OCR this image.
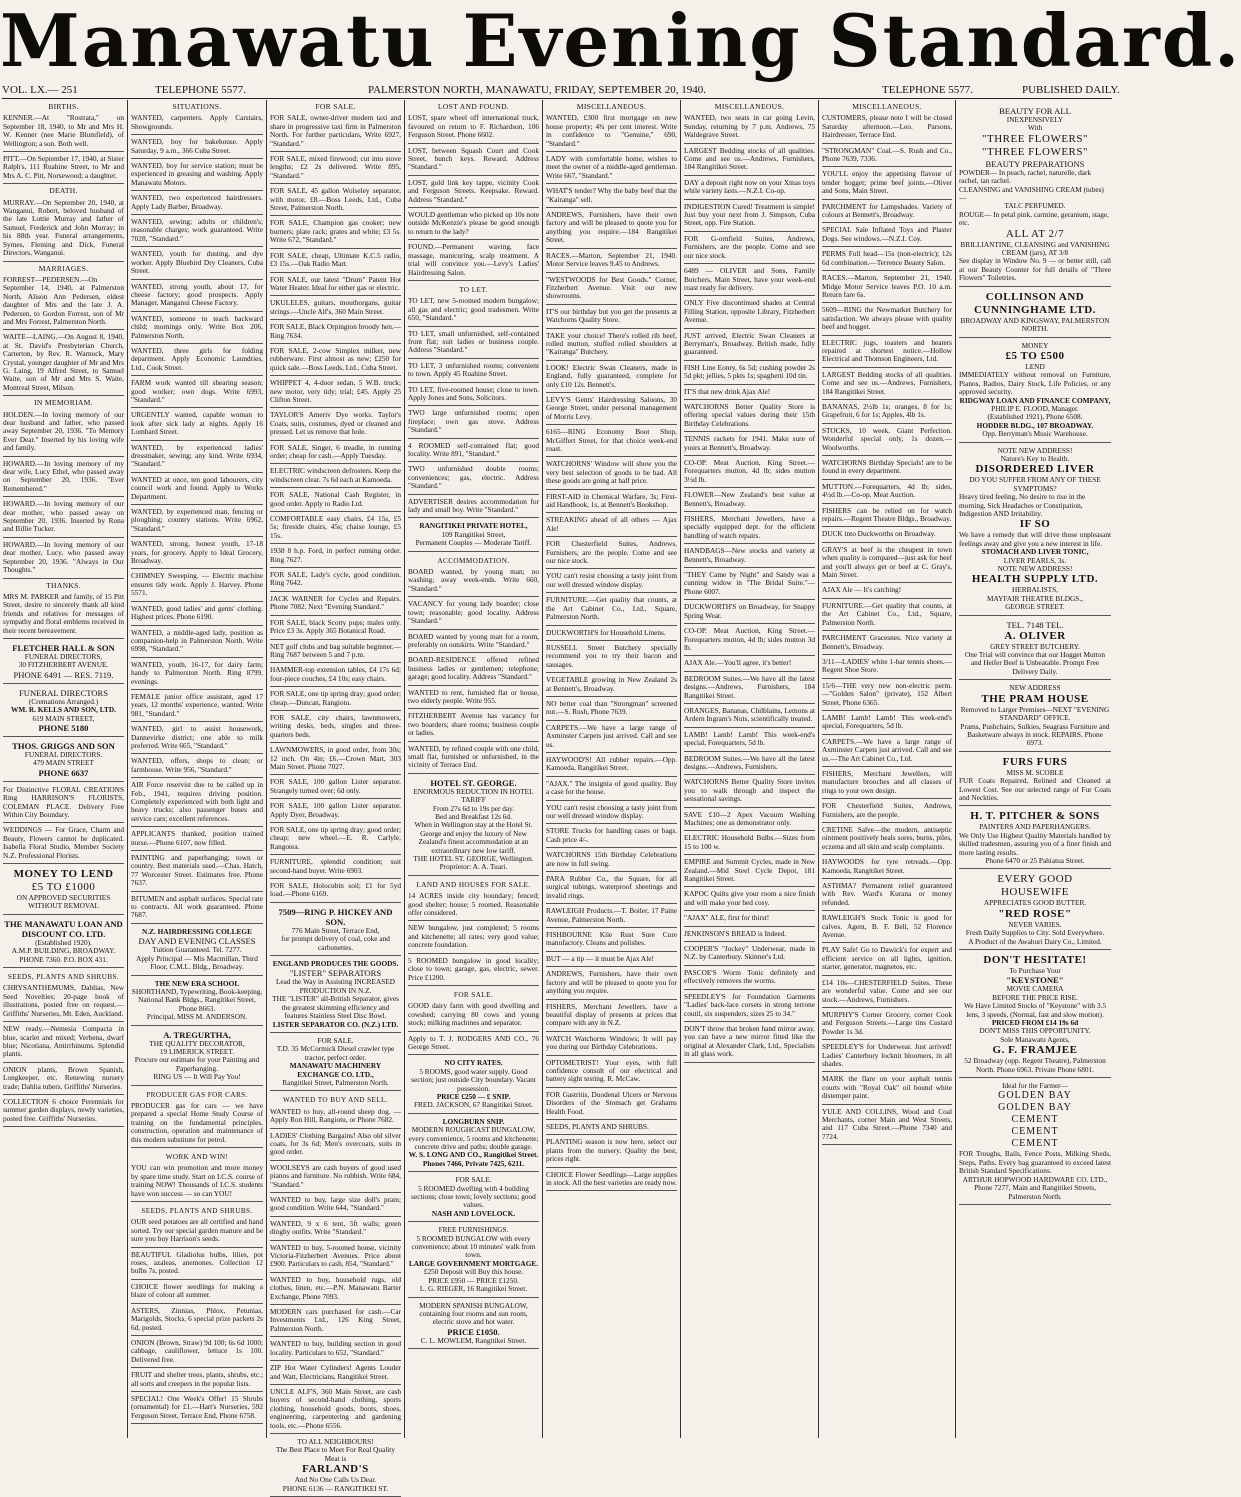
Manawatu Evening Standard.
VOL. LX.— 251	TELEPHONE 5577.	PALMERSTON NORTH, MANAWATU, FRIDAY, SEPTEMBER 20, 1940.	TELEPHONE 5577.	PUBLISHED DAILY.
BIRTHS.
KENNER.—At "Rostrata," on September 18, 1940, to Mr and Mrs H. W. Kenner (nee Marie Blumfield), of Wellington; a son. Both well.
PITT.—On September 17, 1940, at Sister Ralph's, 111 Ruahine Street, to Mr and Mrs A. C. Pitt, Norsewood; a daughter.
DEATH.
MURRAY.—On September 20, 1940, at Wanganui, Robert, beloved husband of the late Lottie Murray and father of Samuel, Frederick and John Murray; in his 88th year. Funeral arrangements, Symes, Fleming and Dick, Funeral Directors, Wanganui.
MARRIAGES.
FORREST—PEDERSEN.—On September 14, 1940, at Palmerston North, Alison Ann Pedersen, eldest daughter of Mrs and the late J. A. Pedersen, to Gordon Forrest, son of Mr and Mrs Forrest, Palmerston North.
WAITE—LAING.—On August 8, 1940, at St. David's Presbyterian Church, Carterton, by Rev. R. Warnock, Mary Crystal, younger daughter of Mr and Mrs G. Laing, 19 Alfred Street, to Samuel Waite, son of Mr and Mrs S. Waite, Montreal Street, Milson.
IN MEMORIAM.
HOLDEN.—In loving memory of our dear husband and father, who passed away September 20, 1936. "To Memory Ever Dear." Inserted by his loving wife and family.
HOWARD.—In loving memory of my dear wife, Lucy Ethel, who passed away on September 20, 1936. "Ever Remembered."
HOWARD.—In loving memory of our dear mother, who passed away on September 20, 1936. Inserted by Rona and Billie Tucker.
HOWARD.—In loving memory of our dear mother, Lucy, who passed away September 20, 1936. "Always in Our Thoughts."
THANKS.
MRS M. PARKER and family, of 15 Pitt Street, desire to sincerely thank all kind friends and relatives for messages of sympathy and floral emblems received in their recent bereavement.
FLETCHER HALL & SON
FUNERAL DIRECTORS,
30 FITZHERBERT AVENUE.
PHONE 6491 — RES. 7119.
FUNERAL DIRECTORS
(Cremations Arranged.)
WM. R. KELLS AND SON, LTD.
619 MAIN STREET,
PHONE 5180
THOS. GRIGGS AND SON
FUNERAL DIRECTORS.
479 MAIN STREET
PHONE 6637
For Distinctive FLORAL CREATIONS Ring HARRISON'S FLORISTS, COLEMAN PLACE. Delivery Free Within City Boundary.
WEDDINGS — For Grace, Charm and Beauty, Flowers cannot be duplicated. Isabella Floral Studio, Member Society N.Z. Professional Florists.
MONEY TO LEND
£5 TO £1000
ON APPROVED SECURITIES WITHOUT REMOVAL
THE MANAWATU LOAN AND DISCOUNT CO. LTD.
(Established 1920).
A.M.P. BUILDING, BROADWAY.
PHONE 7360. P.O. BOX 431.
SEEDS, PLANTS AND SHRUBS.
CHRYSANTHEMUMS, Dahlias, New Seed Novelties; 20-page book of illustrations, posted free on request.—Griffiths' Nurseries, Mt. Eden, Auckland.
NEW ready.—Nemesia Compacta in blue, scarlet and mixed; Verbena, dwarf blue; Nicotiana, Antirrhinums. Splendid plants.
ONION plants, Brown Spanish, Longkeeper, etc. Renewing nursery trade; Dahlia tubers. Griffiths' Nurseries.
COLLECTION 6 choice Perennials for summer garden displays, newly varieties, posted free. Griffiths' Nurseries.
SITUATIONS.
WANTED, carpenters. Apply Carstairs, Showgrounds.
WANTED, boy for bakehouse. Apply Saturday, 9 a.m., 366 Cuba Street.
WANTED, boy for service station; must be experienced in greasing and washing. Apply Manawatu Motors.
WANTED, two experienced hairdressers. Apply Lady Barber, Broadway.
WANTED, sewing; adults or children's; reasonable charges; work guaranteed. Write 7028, "Standard."
WANTED, youth for dusting, and dye worker. Apply Bluebird Dry Cleaners, Cuba Street.
WANTED, strong youth, about 17, for cheese factory; good prospects. Apply Manager, Manganui Cheese Factory.
WANTED, someone to teach backward child; mornings only. Write Box 206, Palmerston North.
WANTED, three girls for folding department. Apply Economic Laundries, Ltd., Cook Street.
FARM work wanted till shearing season; good worker; own dogs. Write 6993, "Standard."
URGENTLY wanted, capable woman to look after sick lady at nights. Apply 16 Lombard Street.
WANTED, by experienced ladies' dressmaker, sewing; any kind. Write 6934, "Standard."
WANTED at once, ten good labourers, city council work and found. Apply to Works Department.
WANTED, by experienced man, fencing or ploughing; country stations. Write 6962, "Standard."
WANTED, strong, honest youth, 17-18 years, for grocery. Apply to Ideal Grocery, Broadway.
CHIMNEY Sweeping. — Electric machine ensures tidy work. Apply J. Harvey. Phone 5571.
WANTED, good ladies' and gents' clothing. Highest prices. Phone 6190.
WANTED, a middle-aged lady, position as companion-help in Palmerston North. Write 6998, "Standard."
WANTED, youth, 16-17, for dairy farm; handy to Palmerston North. Ring 8799, evenings.
FEMALE junior office assistant, aged 17 years, 12 months' experience, wanted. Write 981, "Standard."
WANTED, girl to assist housework, Dannevirke district; one able to milk preferred. Write 665, "Standard."
WANTED, offers, shops to clean; or farmhouse. Write 956, "Standard."
AIR Force reservist due to be called up in Feb., 1941, requires driving position. Completely experienced with both light and heavy trucks; also passenger buses and service cars; excellent references.
APPLICANTS thanked, position trained nurse.—Phone 6107, now filled.
PAINTING and paperhanging; town or country. Best materials used.—Chas. Hatch, 77 Worcester Street. Estimates free. Phone 7637.
BITUMEN and asphalt surfaces. Special rate to contracts. All work guaranteed. Phone 7687.
N.Z. HAIRDRESSING COLLEGE
DAY AND EVENING CLASSES
Tuition Guaranteed. Tel. 7277.
Apply Principal — Mis Macmillan, Third Floor, C.M.L. Bldg., Broadway.
THE NEW ERA SCHOOL
SHORTHAND, Typewriting, Book-keeping, National Bank Bldgs., Rangitikei Street, Phone 8663.
Principal, MISS M. ANDERSON.
A. TREGURTHA,
THE QUALITY DECORATOR,
19 LIMERICK STREET.
Procure our estimate for your Painting and Paperhanging.
RING US — It Will Pay You!
PRODUCER GAS FOR CARS.
PRODUCER gas for cars — we have prepared a special Home Study Course of training on the fundamental principles, construction, operation and maintenance of this modern substitute for petrol.
WORK AND WIN!
YOU can win promotion and more money by spare time study. Start on I.C.S. course of training NOW! Thousands of I.C.S. students have won success — so can YOU!
SEEDS, PLANTS AND SHRUBS.
OUR seed potatoes are all certified and hand sorted. Try our special garden manure and be sure you buy Harrison's seeds.
BEAUTIFUL Gladiolus bulbs, lilies, pot roses, azaleas, anemones. Collection 12 bulbs 7s, posted.
CHOICE flower seedlings for making a blaze of colour all summer.
ASTERS, Zinnias, Phlox, Petunias, Marigolds, Stocks, 6 special prize packets 2s 6d, posted.
ONION (Brown, Straw) 9d 100; 6s 6d 1000; cabbage, cauliflower, lettuce 1s 100. Delivered free.
FRUIT and shelter trees, plants, shrubs, etc.; all sorts and creepers in the popular lists.
SPECIAL! One Week's Offer! 15 Shrubs (ornamental) for £1.—Hart's Nurseries, 592 Ferguson Street, Terrace End, Phone 6758.
FOR SALE.
FOR SALE, owner-driver modern taxi and share in progressive taxi firm in Palmerston North. For further particulars, Write 6927, "Standard."
FOR SALE, mixed firewood; cut into stove lengths; £2 2s delivered. Write 895, "Standard."
FOR SALE, 45 gallon Wolseley separator, with motor, £8.—Boss Leeds, Ltd., Cuba Street, Palmerston North.
FOR SALE, Champion gas cooker; new burners; plate rack; grates and white; £3 5s. Write 672, "Standard."
FOR SALE, cheap, Ultimate K.C.5 radio, £3 15s.—Oak Radio Mart.
FOR SALE, our latest "Drum" Patent Hot Water Heater. Ideal for either gas or electric.
UKULELES, guitars, mouthorgans, guitar strings.—Uncle Alf's, 360 Main Street.
FOR SALE, Black Orpington broody hen.—Ring 7634.
FOR SALE, 2-cow Simplex milker, new rubberware. First almost as new; £250 for quick sale.—Boss Leeds, Ltd., Cuba Street.
WHIPPET 4, 4-door sedan, 5 W.B. truck; new motor, very tidy; trial; £45. Apply 25 Clifton Street.
TAYLOR'S Ameriv Dye works. Taylor's Coats, suits, costumes, dyed or cleaned and pressed. Let us remove that hole.
FOR SALE, Singer, 6 treadle, in running order; cheap for cash.—Apply Tuesday.
ELECTRIC windscreen defrosters. Keep the windscreen clear. 7s 6d each at Kamoeda.
FOR SALE, National Cash Register, in good order. Apply to Radio Ltd.
COMFORTABLE easy chairs, £4 15s, £5 5s; fireside chairs, 45s; chaise lounge, £5 15s.
1938 8 h.p. Ford, in perfect running order. Ring 7627.
FOR SALE, Lady's cycle, good condition. Ring 7642.
JACK WARNER for Cycles and Repairs. Phone 7082. Next "Evening Standard."
FOR SALE, black Scotty pups; males only. Price £3 3s. Apply 365 Botanical Road.
NET golf clubs and bag suitable beginner.—Ring 7687 between 5 and 7 p.m.
HAMMER-top extension tables, £4 17s 6d; four-piece couches, £4 10s; easy chairs.
FOR SALE, one tip spring dray; good order; cheap.—Duncan, Rangiotu.
FOR SALE, city chairs, lawnmowers, writing desks, beds, singles and three-quarters beds.
LAWNMOWERS, in good order, from 30s; 12 inch. On 4in; £6.—Crown Mart, 303 Main Street. Phone 7027.
FOR SALE, 100 gallon Lister separator. Strangely turned over; 6d only.
FOR SALE, 100 gallon Lister separator. Apply Dyer, Broadway.
FOR SALE, one tip spring dray; good order; cheap; new wheel.—E. R. Carlyle, Rangotea.
FURNITURE, splendid condition; suit second-hand buyer. Write 6903.
FOR SALE, Holocubin soil; £1 for 5yd load.—Phone 6169.
7509—RING P. HICKEY AND SON.
776 Main Street, Terrace End,
for prompt delivery of coal, coke and carbonettes.
ENGLAND PRODUCES THE GOODS.
"LISTER" SEPARATORS
Lead the Way in Assisting INCREASED PRODUCTION IN N.Z.
THE "LISTER" all-British Separator, gives the greatest skimming efficiency and features Stainless Steel Disc Bowl.
LISTER SEPARATOR CO. (N.Z.) LTD.
FOR SALE.
T.D. 35 McCormick Diesel crawler type tractor, perfect order.
MANAWATU MACHINERY EXCHANGE CO. LTD.,
Rangitikei Street, Palmerston North.
WANTED TO BUY AND SELL.
WANTED to buy, all-round sheep dog. —Apply Ron Hill, Rangiotu, or Phone 7682.
LADIES' Clothing Bargains! Also old silver coats, for 3s 6d; Men's overcoats, suits in good order.
WOOLSEYS are cash buyers of good used pianos and furniture. No rubbish. Write 684, "Standard."
WANTED to buy, large size doll's pram; good condition. Write 644, "Standard."
WANTED, 9 x 6 tent, 5ft walls; green dinghy outfits. Write "Standard."
WANTED to buy, 5-roomed house, vicinity Victoria-Fitzherbert Avenues. Price about £900. Particulars to cash, 854, "Standard."
WANTED to buy, household rugs, old clothes, linen, etc.—P.N. Manawatu Barter Exchange, Phone 7093.
MODERN cars purchased for cash.—Car Investments Ltd., 126 King Street, Palmerston North.
WANTED to buy, building section in good locality. Particulars to 652, "Standard."
ZIP Hot Water Cylinders! Agents Louder and Watt, Electricians, Rangitikei Street.
UNCLE ALF'S, 360 Main Street, are cash buyers of second-hand clothing, sports clothing, household goods, boots, shoes, engineering, carpentering and gardening tools, etc.—Phone 6556.
TO ALL NEIGHBOURS!
The Best Place to Meet For Real Quality Meat is
FARLAND'S
And No One Calls Us Dear.
PHONE 6136 — RANGITIKEI ST.
LOST AND FOUND.
LOST, spare wheel off international truck, favoured on return to F. Richardson, 106 Ferguson Street. Phone 6602.
LOST, between Squash Court and Cook Street, bunch keys. Reward. Address "Standard."
LOST, gold link key tappe, vicinity Cook and Ferguson Streets. Keepsake. Reward. Address "Standard."
WOULD gentleman who picked up 10s note outside McKenzie's please be good enough to return to the lady?
FOUND.—Permanent waving, face massage, manicuring, scalp treatment. A trial will convince you.—Levy's Ladies' Hairdressing Salon.
TO LET.
TO LET, new 5-roomed modern bungalow; all gas and electric; good tradesmen. Write 650, "Standard."
TO LET, small unfurnished, self-contained front flat; suit ladies or business couple. Address "Standard."
TO LET, 3 unfurnished rooms; convenient to town. Apply 45 Ruahine Street.
TO LET, five-roomed house; close to town. Apply Jones and Sons, Solicitors.
TWO large unfurnished rooms; open fireplace; own gas stove. Address "Standard."
4 ROOMED self-contained flat; good locality. Write 891, "Standard."
TWO unfurnished double rooms; conveniences; gas, electric. Address "Standard."
ADVERTISER desires accommodation for lady and small boy. Write "Standard."
RANGITIKEI PRIVATE HOTEL,
109 Rangitikei Street,
Permanent Couples — Moderate Tariff.
ACCOMMODATION.
BOARD wanted, by young man; no washing; away week-ends. Write 660, "Standard."
VACANCY for young lady boarder; close town; reasonable; good locality. Address "Standard."
BOARD wanted by young man for a room, preferably on outskirts. Write "Standard."
BOARD-RESIDENCE offered refined business ladies or gentlemen; telephone; garage; good locality. Address "Standard."
WANTED to rent, furnished flat or house, two elderly people. Write 955.
FITZHERBERT Avenue has vacancy for two boarders; share rooms; business couple or ladies.
WANTED, by refined couple with one child, small flat, furnished or unfurnished, in the vicinity of Terrace End.
HOTEL ST. GEORGE.
ENORMOUS REDUCTION IN HOTEL TARIFF
From 27s 6d to 19s per day.
Bed and Breakfast 12s 6d.
When in Wellington stay at the Hotel St. George and enjoy the luxury of New Zealand's finest accommodation at an extraordinary new low tariff.
THE HOTEL ST. GEORGE, Wellington.
Proprietor: A. A. Tuari.
LAND AND HOUSES FOR SALE.
14 ACRES inside city boundary; fenced; good shelter; house; 5 roomed. Reasonable offer considered.
NEW bungalow, just completed; 5 rooms and kitchenette; all rates; very good value; concrete foundation.
5 ROOMED bungalow in good locality; close to town; garage, gas, electric, sewer. Price £1200.
FOR SALE.
GOOD dairy farm with good dwelling and cowshed; carrying 80 cows and young stock; milking machines and separator.
Apply to T. J. RODGERS AND CO., 76 George Street.
NO CITY RATES.
5 ROOMS, good water supply. Good section; just outside City boundary. Vacant possession.
PRICE £250 — £ SNIP.
FRED. JACKSON, 67 Rangitikei Street.
LONGBURN SNIP.
MODERN ROUGHCAST BUNGALOW, every convenience, 5 rooms and kitchenette; concrete drive and paths; double garage.
W. S. LONG AND CO., Rangitikei Street. Phones 7466, Private 7425, 6211.
FOR SALE.
5 ROOMED dwelling with 4 building sections; close town; lovely sections; good values.
NASH AND LOVELOCK.
FREE FURNISHINGS.
5 ROOMED BUNGALOW with every convenience; about 10 minutes' walk from town.
LARGE GOVERNMENT MORTGAGE.
£250 Deposit will Buy this house.
PRICE £950 — PRICE £1250.
L. G. RIEGER, 16 Rangitikei Street.
MODERN SPANISH BUNGALOW, containing four rooms and sun room, electric stove and hot water.
PRICE £1050.
C. L. MOWLEM, Rangitikei Street.
MISCELLANEOUS.
WANTED, £300 first mortgage on new house property; 4¾ per cent interest. Write in confidence to "Genuine," 690, "Standard."
LADY with comfortable home, wishes to meet the owner of a middle-aged gentleman. Write 667, "Standard."
WHAT'S tender? Why the baby beef that the "Kairanga" sell.
ANDREWS, Furnishers, have their own factory and will be pleased to quote you for anything you require.—184 Rangitikei Street.
RACES.—Marton, September 21, 1940. Motor Service leaves 9.45 to Andrews.
"WESTWOODS for Best Goods." Corner, Fitzherbert Avenue. Visit our new showrooms.
IT'S our birthday but you get the presents at Watchorns Quality Store.
TAKE your choice! There's rolled rib beef, rolled mutton, stuffed rolled shoulders at "Kairanga" Butchery.
LOOK! Electric Swan Cleaners, made in England, fully guaranteed, complete for only £10 12s. Bennett's.
LEVY'S Gents' Hairdressing Saloons, 30 George Street, under personal management of Morris Levy.
6165—RING Economy Boot Shop, McGiffert Street, for that choice week-end roast.
WATCHORNS' Window will show you the very best selection of goods to be had. All these goods are going at half price.
FIRST-AID in Chemical Warfare, 3s; First-aid Handbook, 1s, at Bennett's Bookshop.
STREAKING ahead of all others — Ajax Ale!
FOR Chesterfield Suites, Andrews, Furnishers, are the people. Come and see our nice stock.
YOU can't resist choosing a tasty joint from our well dressed window display.
FURNITURE.—Get quality that counts, at the Art Cabinet Co., Ltd., Square, Palmerston North.
DUCKWORTH'S for Household Linens.
RUSSELL Street Butchery specially recommend you to try their bacon and sausages.
VEGETABLE growing in New Zealand 2s at Bennett's, Broadway.
NO better coal than "Strongman" screened nut.—S. Rush, Phone 7639.
CARPETS.—We have a large range of Axminster Carpets just arrived. Call and see us.
HAYWOOD'S! All rubber repairs.—Opp. Kamoeda, Rangitikei Street.
"AJAX." The insignia of good quality. Buy a case for the house.
YOU can't resist choosing a tasty joint from our well dressed window display.
STORE Trucks for handling cases or bags. Cash price 4/-.
WATCHORNS 15th Birthday Celebrations are now in full swing.
PARA Rubber Co., the Square, for all surgical tubings, waterproof sheetings and invalid rings.
RAWLEIGH Products.—T. Boiler, 17 Paine Avenue, Palmerston North.
FISHBOURNE Kile Rust Sure Cure manufactory. Cleans and polishes.
BUT — a tip — it must be Ajax Ale!
ANDREWS, Furnishers, have their own factory and will be pleased to quote you for anything you require.
FISHERS, Merchant Jewellers, have a beautiful display of presents at prices that compare with any in N.Z.
WATCH Watchorns Windows; It will pay you during our Birthday Celebrations.
OPTOMETRIST! Your eyes, with full confidence consult of our electrical and battery sight testing. R. McCaw.
FOR Gastritis, Duodenal Ulcers or Nervous Disorders of the Stomach get Grahams Health Food.
SEEDS, PLANTS AND SHRUBS.
PLANTING season is now here, select our plants from the nursery. Quality the best, prices right.
CHOICE Flower Seedlings—Large supplies in stock. All the best varieties are ready now.
MISCELLANEOUS.
WANTED, two seats in car going Levin, Sunday, returning by 7 p.m. Andrews, 75 Waldegrave Street.
LARGEST Bedding stocks of all qualities. Come and see us.—Andrews, Furnishers, 184 Rangitikei Street.
DAY a deposit right now on your Xmas toys while variety lasts.—N.Z.I. Co-op.
INDIGESTION Cured! Treatment is simple! Just buy your next from J. Simpson, Cuba Street, opp. Fire Station.
FOR G-ornfield Suites, Andrews, Furnishers, are the people. Come and see our nice stock.
6489 — OLIVER and Sons, Family Butchers, Main Street, have your week-end roast ready for delivery.
ONLY Five discontinued shades at Central Filling Station, opposite Library, Fitzherbert Avenue.
JUST arrived, Electric Swan Cleaners at Berryman's, Broadway. British made, fully guaranteed.
FISH Line Eonry, 6s 5d; cushing powder 2s 5d pkt; jellies, 5 pkts 1s; spaghetti 10d tin.
IT'S that new drink Ajax Ale!
WATCHORNS Better Quality Store is offering special values during their 15th Birthday Celebrations.
TENNIS rackets for 1941. Make sure of yours at Bennett's, Broadway.
CO-OP. Meat Auction, King Street.—Forequarters mutton, 4d lb; sides mutton 3½d lb.
FLOWER—New Zealand's best value at Bennett's, Broadway.
FISHERS, Merchant Jewellers, have a specially equipped dept. for the efficient handling of watch repairs.
HANDBAGS—New stocks and variety at Bennett's, Broadway.
"THEY Came by Night" and Sandy was a cunning widow in "The Bridal Suite."—Phone 6007.
DUCKWORTH'S on Broadway, for Snappy Spring Wear.
CO-OP. Meat Auction, King Street.—Forequarters mutton, 4d lb; sides mutton 3d lb.
AJAX Ale.—You'll agree, it's better!
BEDROOM Suites.—We have all the latest designs.—Andrews, Furnishers, 184 Rangitikei Street.
ORANGES, Bananas, Chilblains, Lemons at Ardern Ingram's Nuts, scientifically treated.
LAMB! Lamb! Lamb! This week-end's special, Forequarters, 5d lb.
BEDROOM Suites.—We have all the latest designs.—Andrews, Furnishers.
WATCHORNS Better Quality Store invites you to walk through and inspect the sensational savings.
SAVE £10—2 Apex Vacuum Washing Machines; one as demonstrator only.
ELECTRIC Household Bulbs.—Sizes from 15 to 100 w.
EMPIRE and Summit Cycles, made in New Zealand.—Mid Steel Cycle Depot, 181 Rangitikei Street.
KAPOC Quilts give your room a nice finish and will make your bed cosy.
"AJAX" ALE, first for thirst!
JENKINSON'S BREAD is Indeed.
COOPER'S "Jockey" Underwear, made in N.Z. by Canterbury. Skinner's Ltd.
PASCOE'S Worm Tonic definitely and effectively removes the worms.
SPEEDLEY'S for Foundation Garments "Ladies' back-lace corsets in strong terrone coutil, six suspenders, sizes 25 to 34."
DON'T throw that broken hand mirror away, you can have a new mirror fitted like the original at Alexander Clark, Ltd., Specialists in all glass work.
MISCELLANEOUS.
CUSTOMERS, please note I will be closed Saturday afternoon.—Leo. Parsons, Hairdresser, Terrace End.
"STRONGMAN" Coal.—S. Rush and Co., Phone 7639, 7336.
YOU'LL enjoy the appetising flavour of tender hogget; prime beef joints.—Oliver and Sons, Main Street.
PARCHMENT for Lampshades. Variety of colours at Bennett's, Broadway.
SPECIAL Sale Inflated Toys and Plaster Dogs. See windows.—N.Z.I. Coy.
PERMS Full head—15s (non-electric); 12s 6d combination.—Terrence Beauty Salon.
RACES.—Marton, September 21, 1940. Midge Motor Service leaves P.O. 10 a.m. Return fare 6s.
5609—RING the Newmarket Butchery for satisfaction. We always please with quality beef and hogget.
ELECTRIC jugs, toasters and heaters repaired at shortest notice.—Hollow Electrical and Thomson Engineers, Ltd.
LARGEST Bedding stocks of all qualities. Come and see us.—Andrews, Furnishers, 184 Rangitikei Street.
BANANAS, 2½lb 1s; oranges, 8 for 1s; Grapefruit, 6 for 1s; Apples, 4lb 1s.
STOCKS, 10 week. Giant Perfection. Wonderful special only, 1s dozen.—Woolworths.
WATCHORNS Birthday Specials! are to be found in every department.
MUTTON.—Forequarters, 4d lb; sides, 4½d lb.—Co-op. Meat Auction.
FISHERS can be relied on for watch repairs.—Regent Theatre Bldgs., Broadway.
DUCK into Duckworths on Broadway.
GRAY'S at beef is the cheapest in town when quality is compared—just ask for beef and you'll always get or beef at C. Gray's, Main Street.
AJAX Ale — It's catching!
FURNITURE.—Get quality that counts, at the Art Cabinet Co., Ltd., Square, Palmerston North.
PARCHMENT Gracesnes. Nice variety at Bennett's, Broadway.
3/11—LADIES' white 1-bar tennis shoes.—Regent Shoe Store.
15/6—THE very new non-electric perm.—"Golden Salon" (private), 152 Albert Street, Phone 6365.
LAMB! Lamb! Lamb! This week-end's special, Forequarters, 5d lb.
CARPETS.—We have a large range of Axminster Carpets just arrived. Call and see us.—The Art Cabinet Co., Ltd.
FISHERS, Merchant Jewellers, will manufacture brooches and all classes of rings to your own design.
FOR Chesterfield Suites, Andrews, Furnishers, are the people.
CRETINE Salve—the modern, antiseptic ointment positively heals sores, burns, piles, eczema and all skin and scalp complaints.
HAYWOODS for tyre retreads.—Opp. Kamoeda, Rangitikei Street.
ASTHMA? Permanent relief guaranteed with Rev. Ward's Kurana or money refunded.
RAWLEIGH'S Stock Tonic is good for calves. Agent, B. F. Bell, 52 Florence Avenue.
PLAY Safe! Go to Dawick's for expert and efficient service on all lights, ignition, starter, generator, magnetos, etc.
£14 10s—CHESTERFIELD Suites. These are wonderful value. Come and see our stock.—Andrews, Furnishers.
MURPHY'S Corner Grocery, corner Cook and Ferguson Streets.—Large tins Custard Powder 1s 3d.
SPEEDLEY'S for Underwear. Just arrived! Ladies' Canterbury locknit bloomers, in all shades.
MARK the flare on your asphalt tennis courts with "Royal Oak" oil bound white distemper paint.
YULE AND COLLINS, Wood and Coal Merchants, corner Main and West Streets, and 117 Cuba Street.—Phone 7340 and 7724.
BEAUTY FOR ALL
INEXPENSIVELY
With
"THREE FLOWERS"
"THREE FLOWERS"
BEAUTY PREPARATIONS
POWDER— In peach, rachel, naturelle, dark rachel, tan rachel.
CLEANSING and VANISHING CREAM (tubes)—
TALC PERFUMED.
ROUGE— In petal pink, carmine, geranium, stage, etc.
ALL AT 2/7
BRILLIANTINE, CLEANSING and VANISHING CREAM (jars), AT 3/8
See display in Window No. 9 — or better still, call at our Beauty Counter for full details of "Three Flowers" Toiletries.
COLLINSON AND
CUNNINGHAME LTD.
BROADWAY AND KINGSWAY, PALMERSTON NORTH.
MONEY
£5 TO £500
LEND
IMMEDIATELY without removal on Furniture, Pianos, Radios, Dairy Stock, Life Policies, or any approved security.
RIDGWAY LOAN AND FINANCE COMPANY,
PHILIP E. FLOOD, Manager.
(Established 1921), Phone 6508.
HODDER BLDG., 107 BROADWAY.
Opp. Berryman's Music Warehouse.
NOTE NEW ADDRESS!
Nature's Key to Health.
DISORDERED LIVER
DO YOU SUFFER FROM ANY OF THESE SYMPTOMS?
Heavy tired feeling, No desire to rise in the morning, Sick Headaches or Constipation, Indigestion AND Irritability.
IF SO
We have a remedy that will drive those unpleasant feelings away and give you a new interest in life.
STOMACH AND LIVER TONIC,
LIVER PEARLS, 3s.
NOTE NEW ADDRESS!
HEALTH SUPPLY LTD.
HERBALISTS,
MAYFAIR THEATRE BLDGS.,
GEORGE STREET.
TEL. 7148 TEL.
A. OLIVER
GREY STREET BUTCHERY.
One Trial will convince that our Hogget Mutton and Heifer Beef is Unbeatable. Prompt Free Delivery Daily.
NEW ADDRESS
THE PRAM HOUSE
Removed to Larger Premises—NEXT "EVENING STANDARD" OFFICE.
Prams, Pushchairs, Sulkies, Seagrass Furniture and Basketware always in stock. REPAIRS. Phone 6973.
FURS FURS
MISS M. SCOBLE
FUR Coats Repaired, Relined and Cleaned at Lowest Cost. See our selected range of Fur Coats and Neckties.
H. T. PITCHER & SONS
PAINTERS AND PAPERHANGERS.
We Only Use Highest Quality Materials handled by skilled tradesmen, assuring you of a finer finish and more lasting results.
Phone 6470 or 25 Pahiatua Street.
EVERY GOOD
HOUSEWIFE
APPRECIATES GOOD BUTTER.
"RED ROSE"
NEVER VARIES.
Fresh Daily Supplies to City. Sold Everywhere.
A Product of the Awahuri Dairy Co., Limited.
DON'T HESITATE!
To Purchase Your
"KEYSTONE"
MOVIE CAMERA
BEFORE THE PRICE RISE.
We Have Limited Stocks of "Keystone" with 3.5 lens, 3 speeds, (Normal, fast and slow motion).
PRICED FROM £14 19s 6d
DON'T MISS THIS OPPORTUNITY.
Sole Manawatu Agents,
G. F. FRAMJEE
52 Broadway (opp. Regent Theatre), Palmerston North. Phone 6963. Private Phone 6801.
Ideal for the Farmer—
GOLDEN BAY
GOLDEN BAY
CEMENT
CEMENT
CEMENT
FOR Troughs, Bails, Fence Posts, Milking Sheds, Steps, Paths. Every bag guaranteed to exceed latest British Standard Specifications.
ARTHUR HOPWOOD HARDWARE CO. LTD., Phone 7277, Main and Rangitikei Streets, Palmerston North.
